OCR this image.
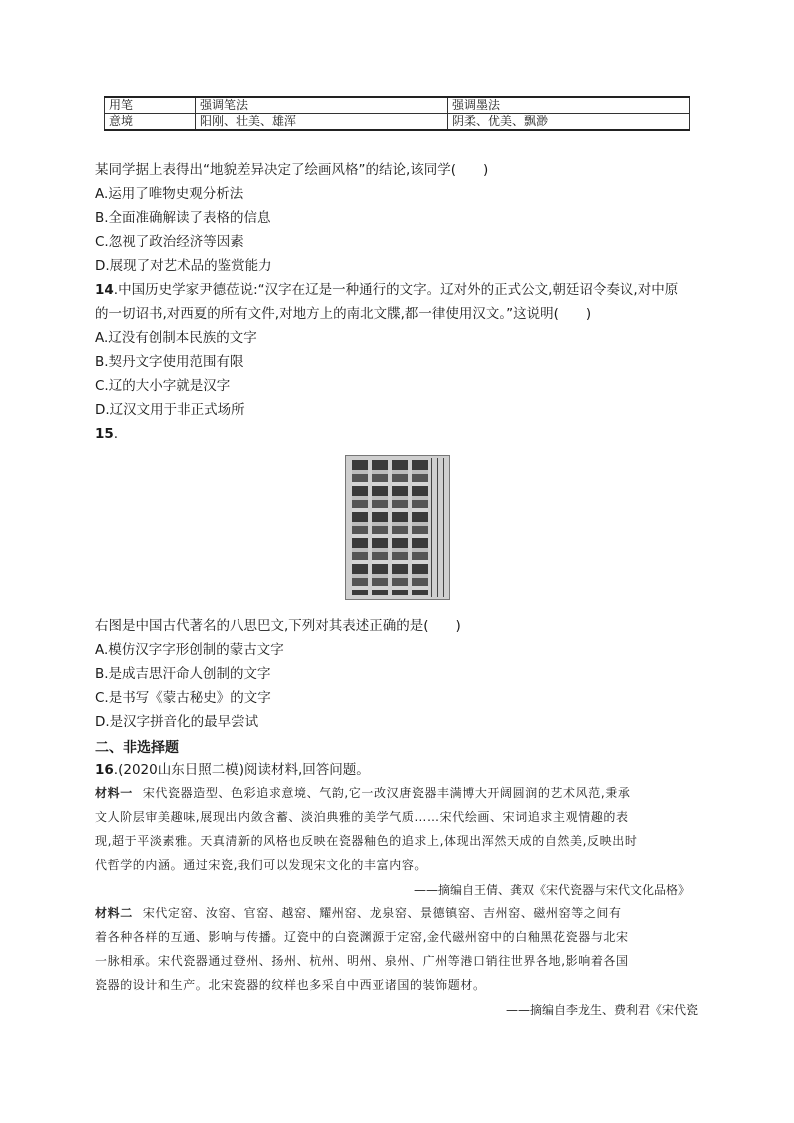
用笔	强调笔法	强调墨法
意境	阳刚、壮美、雄浑	阴柔、优美、飘渺
某同学据上表得出“地貌差异决定了绘画风格”的结论,该同学(　　)
A.运用了唯物史观分析法
B.全面准确解读了表格的信息
C.忽视了政治经济等因素
D.展现了对艺术品的鉴赏能力
14.中国历史学家尹德莅说:“汉字在辽是一种通行的文字。辽对外的正式公文,朝廷诏令奏议,对中原
的一切诏书,对西夏的所有文件,对地方上的南北文牒,都一律使用汉文。”这说明(　　)
A.辽没有创制本民族的文字
B.契丹文字使用范围有限
C.辽的大小字就是汉字
D.辽汉文用于非正式场所
15.
右图是中国古代著名的八思巴文,下列对其表述正确的是(　　)
A.模仿汉字字形创制的蒙古文字
B.是成吉思汗命人创制的文字
C.是书写《蒙古秘史》的文字
D.是汉字拼音化的最早尝试
二、非选择题
16.(2020山东日照二模)阅读材料,回答问题。
材料一 宋代瓷器造型、色彩追求意境、气韵,它一改汉唐瓷器丰满博大开阔圆润的艺术风范,秉承
文人阶层审美趣味,展现出内敛含蓄、淡泊典雅的美学气质……宋代绘画、宋词追求主观情趣的表
现,超于平淡素雅。天真清新的风格也反映在瓷器釉色的追求上,体现出浑然天成的自然美,反映出时
代哲学的内涵。通过宋瓷,我们可以发现宋文化的丰富内容。
——摘编自王倩、龚双《宋代瓷器与宋代文化品格》
材料二 宋代定窑、汝窑、官窑、越窑、耀州窑、龙泉窑、景德镇窑、吉州窑、磁州窑等之间有
着各种各样的互通、影响与传播。辽瓷中的白瓷渊源于定窑,金代磁州窑中的白釉黑花瓷器与北宋
一脉相承。宋代瓷器通过登州、扬州、杭州、明州、泉州、广州等港口销往世界各地,影响着各国
瓷器的设计和生产。北宋瓷器的纹样也多采自中西亚诸国的装饰题材。
——摘编自李龙生、费利君《宋代瓷
